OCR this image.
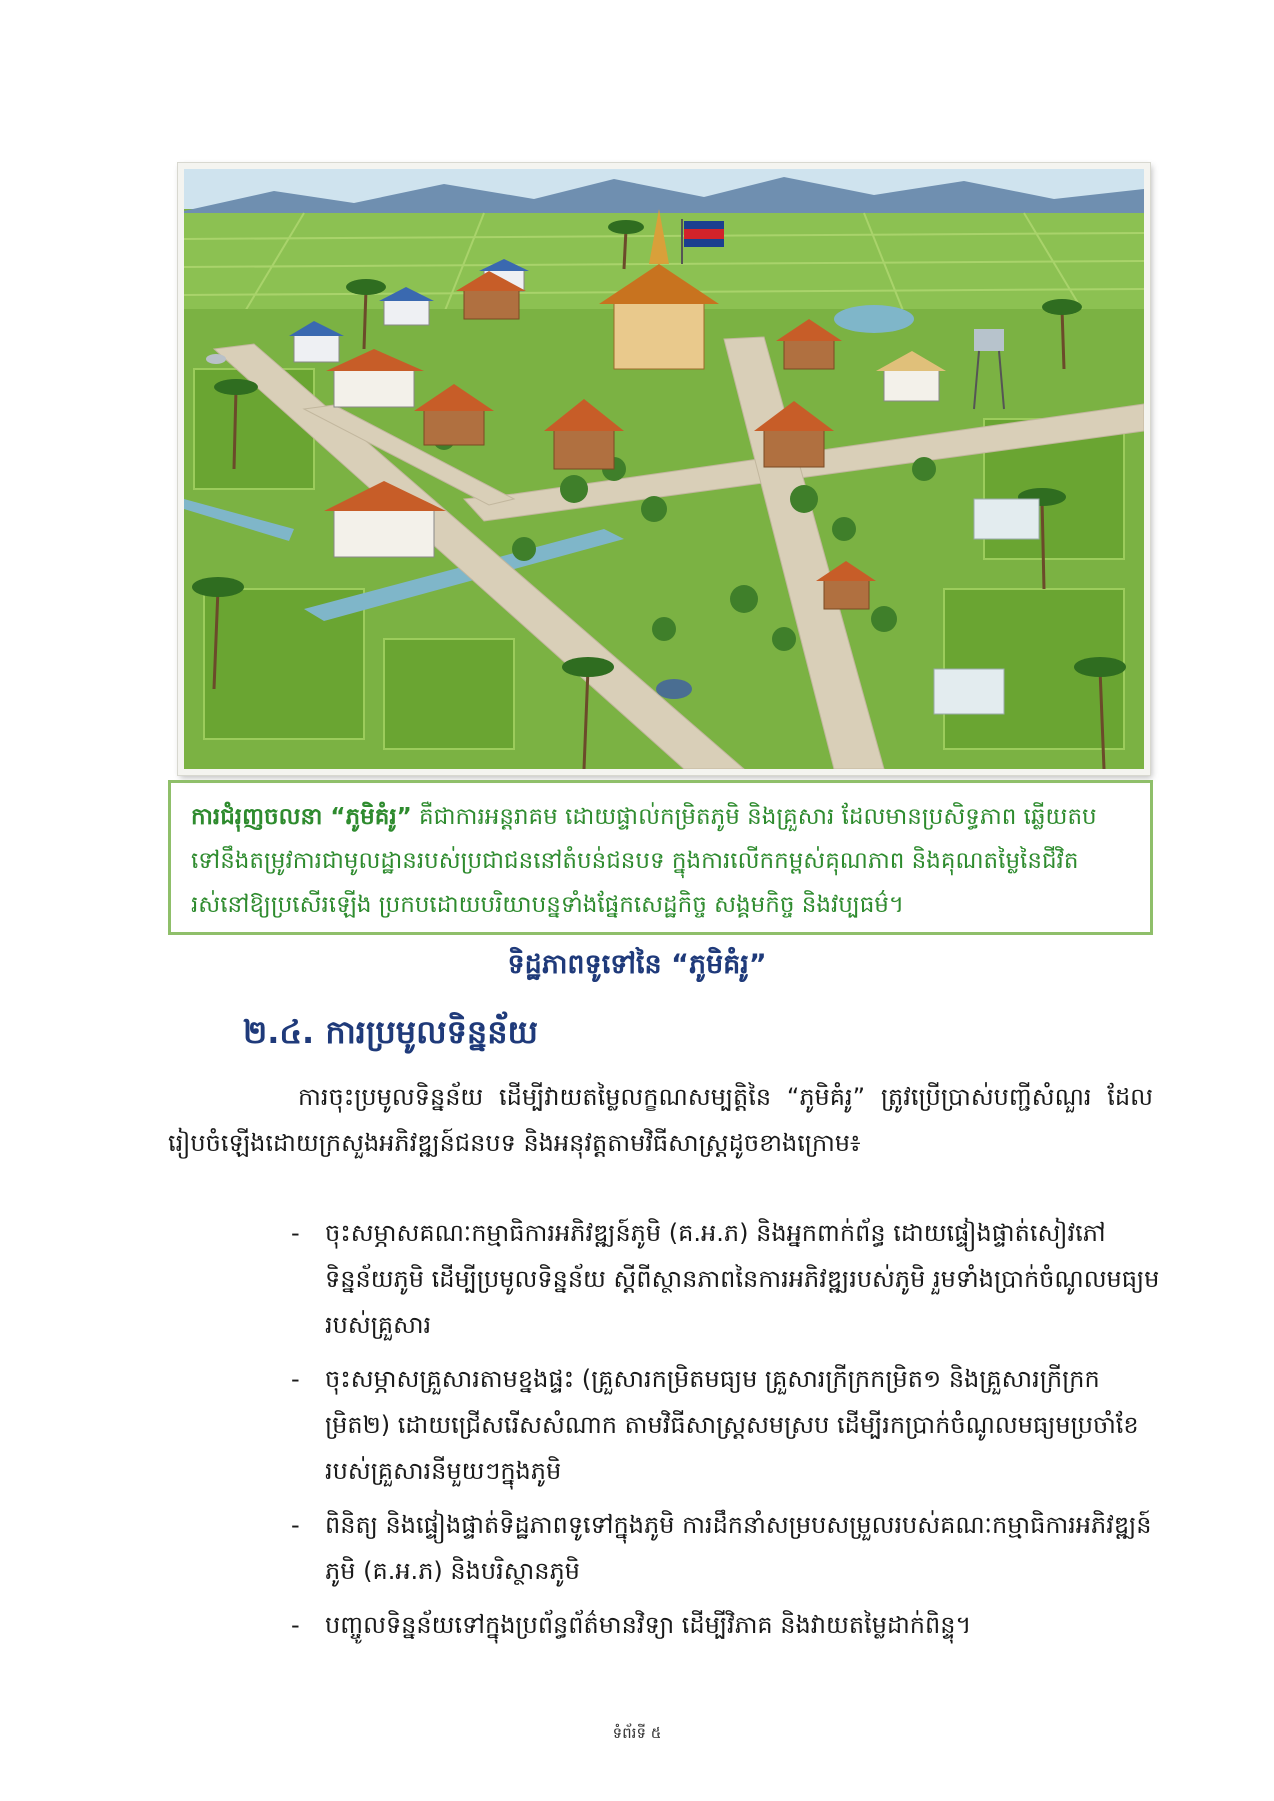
ការជំរុញចលនា “ភូមិគំរូ” គឺជាការអន្តរាគម ដោយផ្ទាល់កម្រិតភូមិ និងគ្រួសារ ដែលមានប្រសិទ្ធភាព ឆ្លើយតបទៅនឹងតម្រូវការជាមូលដ្ឋានរបស់ប្រជាជននៅតំបន់ជនបទ ក្នុងការលើកកម្ពស់គុណភាព និងគុណតម្លៃនៃជីវិតរស់នៅឱ្យប្រសើរឡើង ប្រកបដោយបរិយាបន្នទាំងផ្នែកសេដ្ឋកិច្ច សង្គមកិច្ច និងវប្បធម៌។
ទិដ្ឋភាពទូទៅនៃ “ភូមិគំរូ”
២.៤. ការប្រមូលទិន្នន័យ

ការចុះប្រមូលទិន្នន័យ ដើម្បីវាយតម្លៃលក្ខណសម្បត្តិនៃ “ភូមិគំរូ” ត្រូវប្រើប្រាស់បញ្ជីសំណួរ ដែលរៀបចំឡើងដោយក្រសួងអភិវឌ្ឍន៍ជនបទ និងអនុវត្តតាមវិធីសាស្ត្រដូចខាងក្រោម៖

- ចុះសម្ភាសគណៈកម្មាធិការអភិវឌ្ឍន៍ភូមិ (គ.អ.ភ) និងអ្នកពាក់ព័ន្ធ ដោយផ្ទៀងផ្ទាត់សៀវភៅទិន្នន័យភូមិ ដើម្បីប្រមូលទិន្នន័យ ស្តីពីស្ថានភាពនៃការអភិវឌ្ឍរបស់ភូមិ រួមទាំងប្រាក់ចំណូលមធ្យមរបស់គ្រួសារ
- ចុះសម្ភាសគ្រួសារតាមខ្នងផ្ទះ (គ្រួសារកម្រិតមធ្យម គ្រួសារក្រីក្រកម្រិត១ និងគ្រួសារក្រីក្រកម្រិត២) ដោយជ្រើសរើសសំណាក តាមវិធីសាស្ត្រសមស្រប ដើម្បីរកប្រាក់ចំណូលមធ្យមប្រចាំខែរបស់គ្រួសារនីមួយៗក្នុងភូមិ
- ពិនិត្យ និងផ្ទៀងផ្ទាត់ទិដ្ឋភាពទូទៅក្នុងភូមិ ការដឹកនាំសម្របសម្រួលរបស់គណៈកម្មាធិការអភិវឌ្ឍន៍ភូមិ (គ.អ.ភ) និងបរិស្ថានភូមិ
- បញ្ចូលទិន្នន័យទៅក្នុងប្រព័ន្ធព័ត៌មានវិទ្យា ដើម្បីវិភាគ និងវាយតម្លៃដាក់ពិន្ទុ។
ទំព័រទី ៥
